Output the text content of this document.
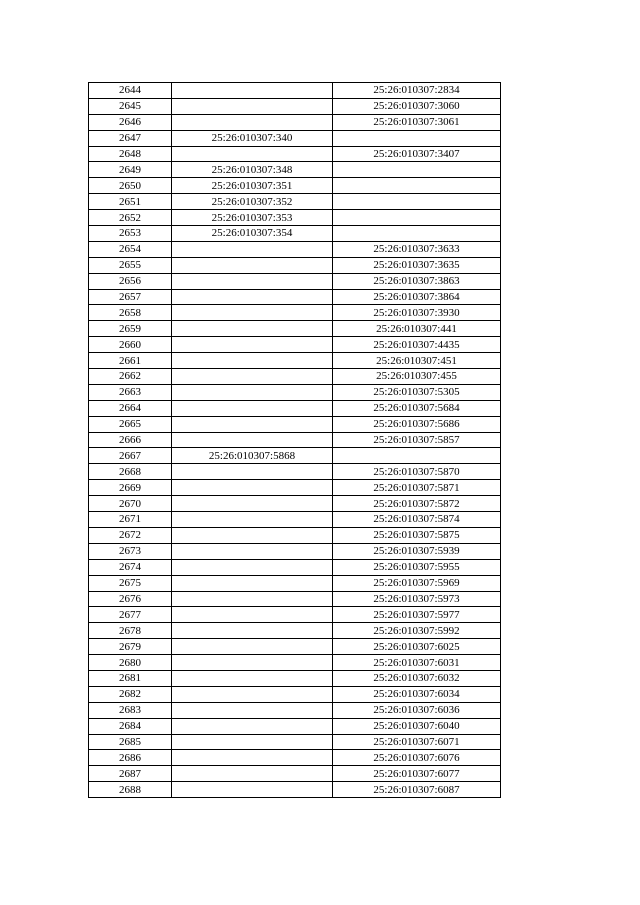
2644		25:26:010307:2834
2645		25:26:010307:3060
2646		25:26:010307:3061
2647	25:26:010307:340	
2648		25:26:010307:3407
2649	25:26:010307:348	
2650	25:26:010307:351	
2651	25:26:010307:352	
2652	25:26:010307:353	
2653	25:26:010307:354	
2654		25:26:010307:3633
2655		25:26:010307:3635
2656		25:26:010307:3863
2657		25:26:010307:3864
2658		25:26:010307:3930
2659		25:26:010307:441
2660		25:26:010307:4435
2661		25:26:010307:451
2662		25:26:010307:455
2663		25:26:010307:5305
2664		25:26:010307:5684
2665		25:26:010307:5686
2666		25:26:010307:5857
2667	25:26:010307:5868	
2668		25:26:010307:5870
2669		25:26:010307:5871
2670		25:26:010307:5872
2671		25:26:010307:5874
2672		25:26:010307:5875
2673		25:26:010307:5939
2674		25:26:010307:5955
2675		25:26:010307:5969
2676		25:26:010307:5973
2677		25:26:010307:5977
2678		25:26:010307:5992
2679		25:26:010307:6025
2680		25:26:010307:6031
2681		25:26:010307:6032
2682		25:26:010307:6034
2683		25:26:010307:6036
2684		25:26:010307:6040
2685		25:26:010307:6071
2686		25:26:010307:6076
2687		25:26:010307:6077
2688		25:26:010307:6087
